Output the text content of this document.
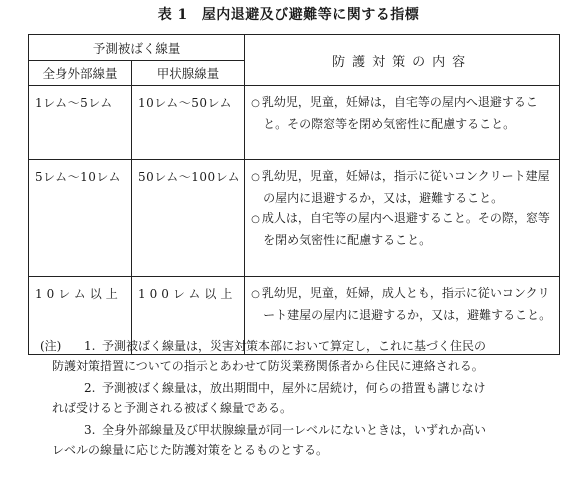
表 1 屋内退避及び避難等に関する指標
予測被ばく線量		防護対策の内容
全身外部線量	甲状腺線量	
1レム～5レム	10レム～50レム	○ 乳幼児，児童，妊婦は，自宅等の屋内へ退避すること。その際窓等を閉め気密性に配慮すること。

5レム～10レム	50レム～100レム	○ 乳幼児，児童，妊婦は，指示に従いコンクリート建屋の屋内に退避するか，又は，避難すること。
○ 成人は，自宅等の屋内へ退避すること。その際，窓等を閉め気密性に配慮すること。

10レム以上	100レム以上	○ 乳幼児，児童，妊婦，成人とも，指示に従いコンクリート建屋の屋内に退避するか，又は，避難すること。
(注) 1. 予測被ばく線量は，災害対策本部において算定し，これに基づく住民の
防護対策措置についての指示とあわせて防災業務関係者から住民に連絡される。
2. 予測被ばく線量は，放出期間中，屋外に居続け，何らの措置も講じなけ
れば受けると予測される被ばく線量である。
3. 全身外部線量及び甲状腺線量が同一レベルにないときは，いずれか高い
レベルの線量に応じた防護対策をとるものとする。
